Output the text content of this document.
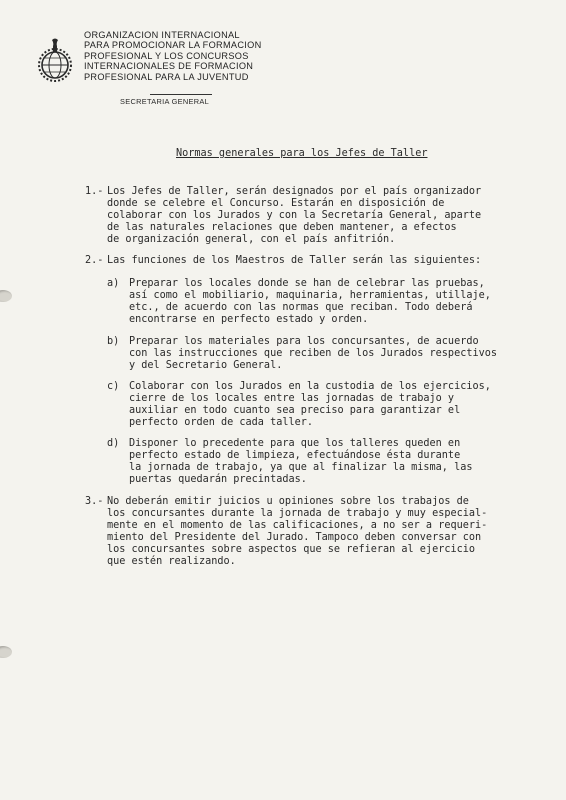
ORGANIZACION INTERNACIONAL
PARA PROMOCIONAR LA FORMACION
PROFESIONAL Y LOS CONCURSOS
INTERNACIONALES DE FORMACION
PROFESIONAL PARA LA JUVENTUD
SECRETARIA GENERAL
Normas generales para los Jefes de Taller
1.- Los Jefes de Taller, serán designados por el país organizador
donde se celebre el Concurso. Estarán en disposición de
colaborar con los Jurados y con la Secretaría General, aparte
de las naturales relaciones que deben mantener, a efectos
de organización general, con el país anfitrión.
2.- Las funciones de los Maestros de Taller serán las siguientes:
a) Preparar los locales donde se han de celebrar las pruebas,
así como el mobiliario, maquinaria, herramientas, utillaje,
etc., de acuerdo con las normas que reciban. Todo deberá
encontrarse en perfecto estado y orden.
b) Preparar los materiales para los concursantes, de acuerdo
con las instrucciones que reciben de los Jurados respectivos
y del Secretario General.
c) Colaborar con los Jurados en la custodia de los ejercicios,
cierre de los locales entre las jornadas de trabajo y
auxiliar en todo cuanto sea preciso para garantizar el
perfecto orden de cada taller.
d) Disponer lo precedente para que los talleres queden en
perfecto estado de limpieza, efectuándose ésta durante
la jornada de trabajo, ya que al finalizar la misma, las
puertas quedarán precintadas.
3.- No deberán emitir juicios u opiniones sobre los trabajos de
los concursantes durante la jornada de trabajo y muy especial-
mente en el momento de las calificaciones, a no ser a requeri-
miento del Presidente del Jurado. Tampoco deben conversar con
los concursantes sobre aspectos que se refieran al ejercicio
que estén realizando.
